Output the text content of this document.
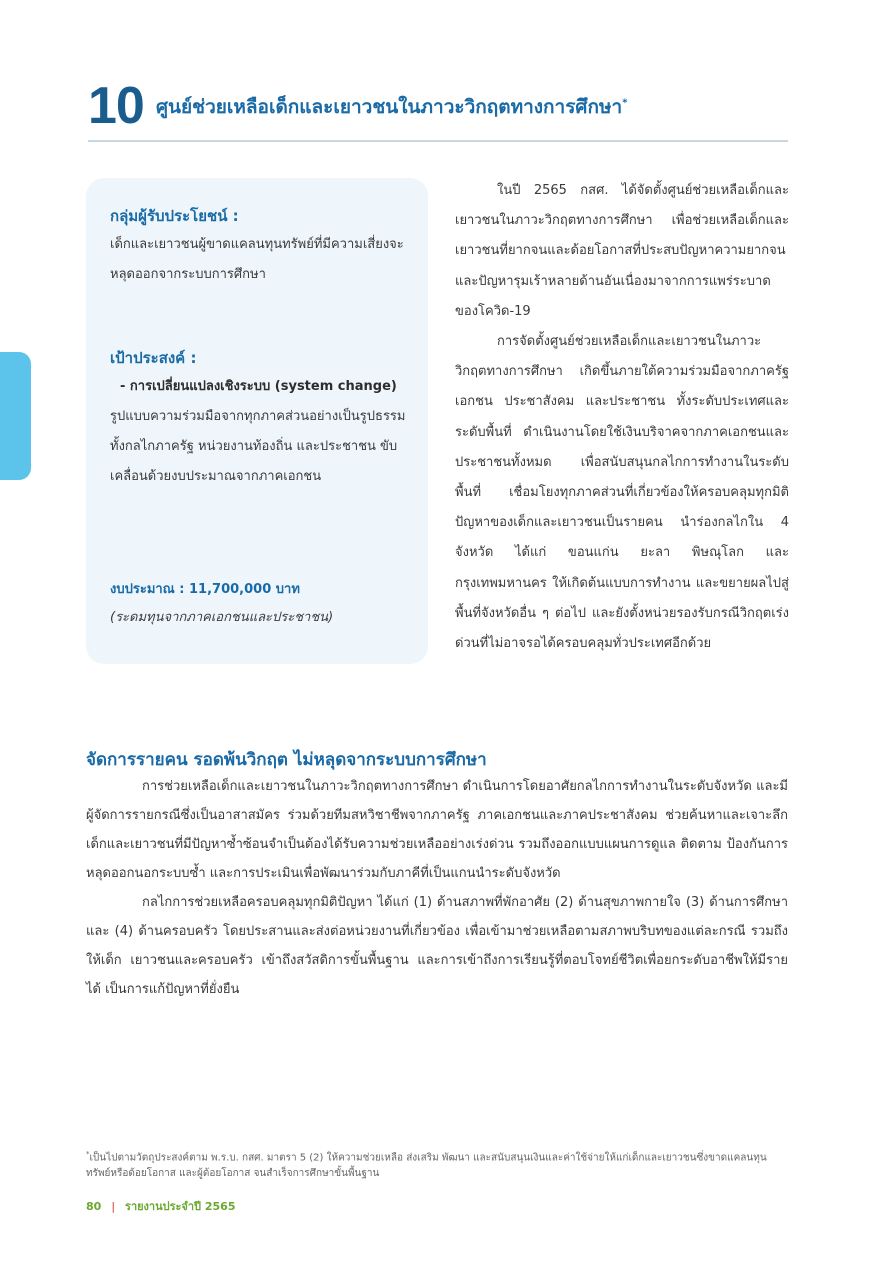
10 ศูนย์ช่วยเหลือเด็กและเยาวชนในภาวะวิกฤตทางการศึกษา*
กลุ่มผู้รับประโยชน์ :
เด็กและเยาวชนผู้ขาดแคลนทุนทรัพย์ที่มีความเสี่ยงจะหลุดออกจากระบบการศึกษา
เป้าประสงค์ :
- การเปลี่ยนแปลงเชิงระบบ (system change)
รูปแบบความร่วมมือจากทุกภาคส่วนอย่างเป็นรูปธรรม ทั้งกลไกภาครัฐ หน่วยงานท้องถิ่น และประชาชน ขับเคลื่อนด้วยงบประมาณจากภาคเอกชน
งบประมาณ : 11,700,000 บาท
(ระดมทุนจากภาคเอกชนและประชาชน)

ในปี 2565 กสศ. ได้จัดตั้งศูนย์ช่วยเหลือเด็กและเยาวชนในภาวะวิกฤตทางการศึกษา เพื่อช่วยเหลือเด็กและเยาวชนที่ยากจนและด้อยโอกาสที่ประสบปัญหาความยากจนและปัญหารุมเร้าหลายด้านอันเนื่องมาจากการแพร่ระบาดของโควิด-19

การจัดตั้งศูนย์ช่วยเหลือเด็กและเยาวชนในภาวะวิกฤตทางการศึกษา เกิดขึ้นภายใต้ความร่วมมือจากภาครัฐ เอกชน ประชาสังคม และประชาชน ทั้งระดับประเทศและระดับพื้นที่ ดำเนินงานโดยใช้เงินบริจาคจากภาคเอกชนและประชาชนทั้งหมด เพื่อสนับสนุนกลไกการทำงานในระดับพื้นที่ เชื่อมโยงทุกภาคส่วนที่เกี่ยวข้องให้ครอบคลุมทุกมิติปัญหาของเด็กและเยาวชนเป็นรายคน นำร่องกลไกใน 4 จังหวัด ได้แก่ ขอนแก่น ยะลา พิษณุโลก และกรุงเทพมหานคร ให้เกิดต้นแบบการทำงาน และขยายผลไปสู่พื้นที่จังหวัดอื่น ๆ ต่อไป และยังตั้งหน่วยรองรับกรณีวิกฤตเร่งด่วนที่ไม่อาจรอได้ครอบคลุมทั่วประเทศอีกด้วย

จัดการรายคน รอดพ้นวิกฤต ไม่หลุดจากระบบการศึกษา

การช่วยเหลือเด็กและเยาวชนในภาวะวิกฤตทางการศึกษา ดำเนินการโดยอาศัยกลไกการทำงานในระดับจังหวัด และมีผู้จัดการรายกรณีซึ่งเป็นอาสาสมัคร ร่วมด้วยทีมสหวิชาชีพจากภาครัฐ ภาคเอกชนและภาคประชาสังคม ช่วยค้นหาและเจาะลึกเด็กและเยาวชนที่มีปัญหาซ้ำซ้อนจำเป็นต้องได้รับความช่วยเหลืออย่างเร่งด่วน รวมถึงออกแบบแผนการดูแล ติดตาม ป้องกันการหลุดออกนอกระบบซ้ำ และการประเมินเพื่อพัฒนาร่วมกับภาคีที่เป็นแกนนำระดับจังหวัด

กลไกการช่วยเหลือครอบคลุมทุกมิติปัญหา ได้แก่ (1) ด้านสภาพที่พักอาศัย (2) ด้านสุขภาพกายใจ (3) ด้านการศึกษา และ (4) ด้านครอบครัว โดยประสานและส่งต่อหน่วยงานที่เกี่ยวข้อง เพื่อเข้ามาช่วยเหลือตามสภาพบริบทของแต่ละกรณี รวมถึงให้เด็ก เยาวชนและครอบครัว เข้าถึงสวัสดิการขั้นพื้นฐาน และการเข้าถึงการเรียนรู้ที่ตอบโจทย์ชีวิตเพื่อยกระดับอาชีพให้มีรายได้ เป็นการแก้ปัญหาที่ยั่งยืน

*เป็นไปตามวัตถุประสงค์ตาม พ.ร.บ. กสศ. มาตรา 5 (2) ให้ความช่วยเหลือ ส่งเสริม พัฒนา และสนับสนุนเงินและค่าใช้จ่ายให้แก่เด็กและเยาวชนซึ่งขาดแคลนทุนทรัพย์หรือด้อยโอกาส และผู้ด้อยโอกาส จนสำเร็จการศึกษาขั้นพื้นฐาน
80 | รายงานประจำปี 2565
